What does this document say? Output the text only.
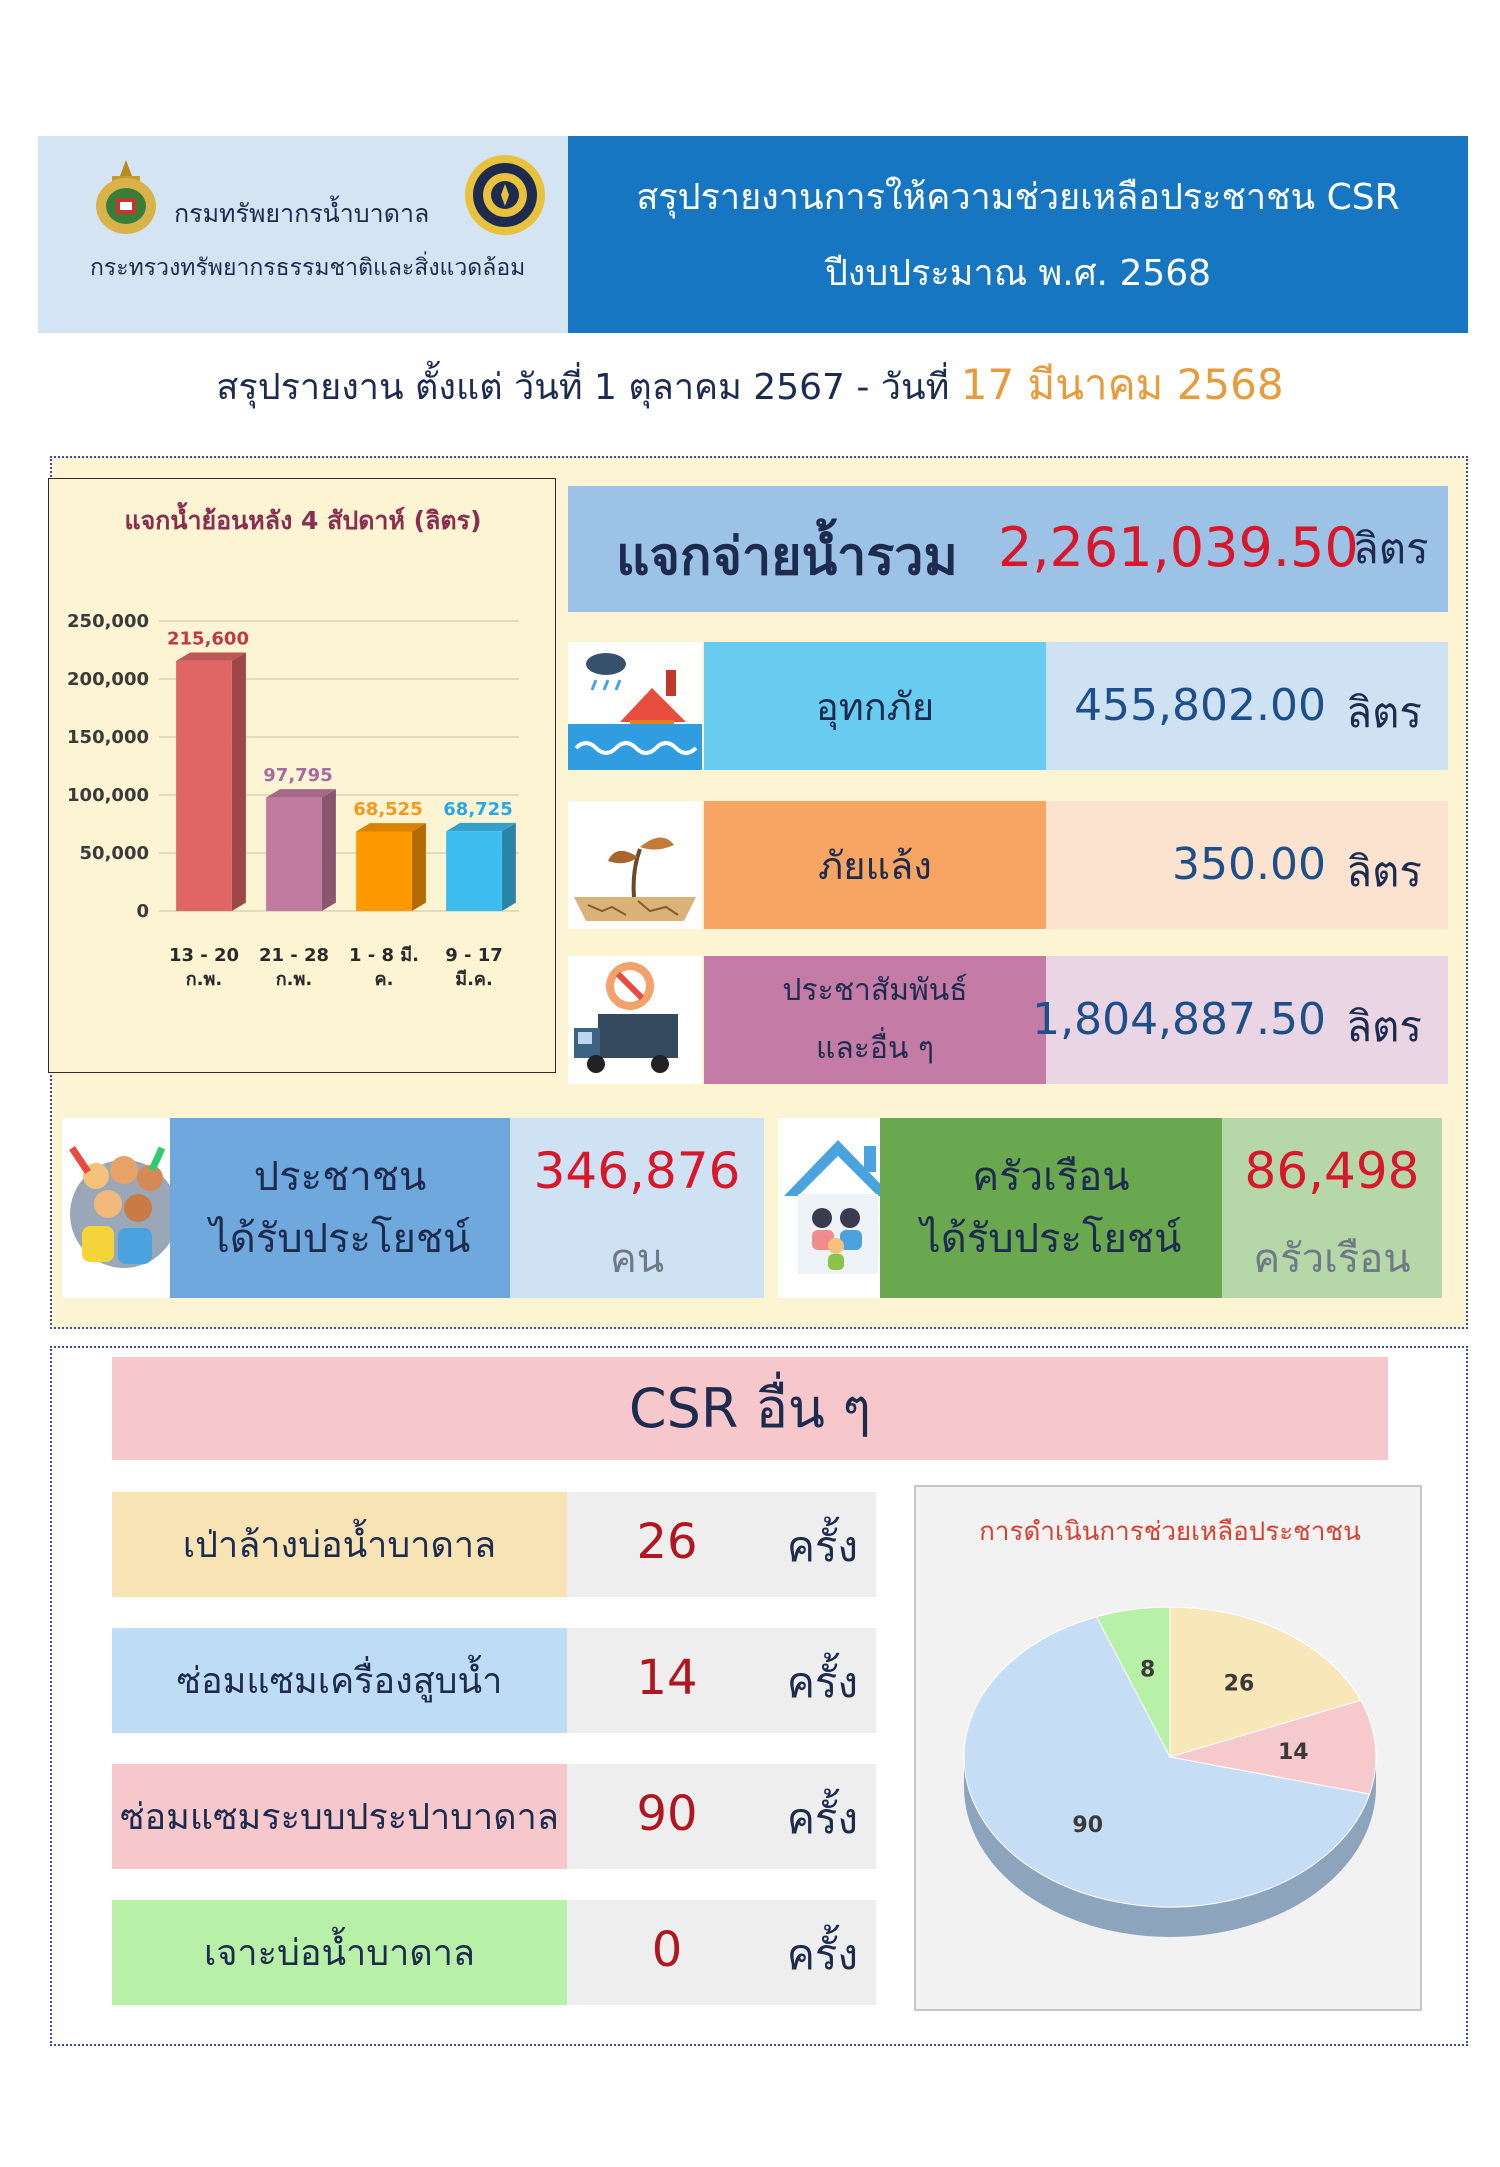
กรมทรัพยากรน้ำบาดาล
กระทรวงทรัพยากรธรรมชาติและสิ่งแวดล้อม
สรุปรายงานการให้ความช่วยเหลือประชาชน CSR
ปีงบประมาณ พ.ศ. 2568
สรุปรายงาน ตั้งแต่ วันที่ 1 ตุลาคม 2567 - วันที่ 17 มีนาคม 2568
แจกน้ำย้อนหลัง 4 สัปดาห์ (ลิตร)
250,000
200,000
150,000
100,000
50,000
0
215,600
13 - 20
ก.พ.
97,795
21 - 28
ก.พ.
68,525
1 - 8 มี.
ค.
68,725
9 - 17
มี.ค.
แจกจ่ายน้ำรวม 2,261,039.50
ลิตร
อุทกภัย	455,802.00 ลิตร
ภัยแล้ง	350.00 ลิตร
ประชาสัมพันธ์
และอื่น ๆ
1,804,887.50 ลิตร
ประชาชน
ได้รับประโยชน์
346,876
คน
ครัวเรือน
ได้รับประโยชน์
86,498
ครัวเรือน
CSR อื่น ๆ
เป่าล้างบ่อน้ำบาดาล	26	ครั้ง
ซ่อมแซมเครื่องสูบน้ำ	14	ครั้ง
ซ่อมแซมระบบประปาบาดาล	90	ครั้ง
เจาะบ่อน้ำบาดาล	0	ครั้ง
การดำเนินการช่วยเหลือประชาชน
26
14
90
8
